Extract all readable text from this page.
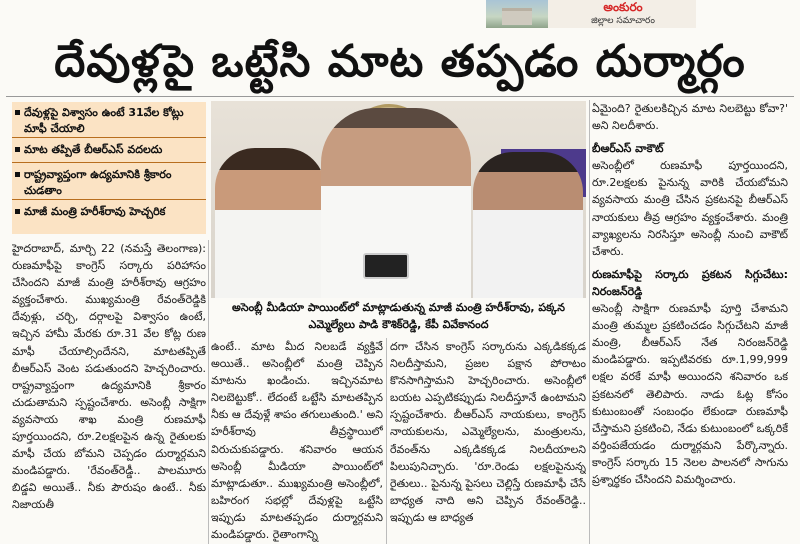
అంకురం
జిల్లాల సమాచారం
దేవుళ్లపై ఒట్టేసి మాట తప్పడం దుర్మార్గం
దేవుళ్లపై విశ్వాసం ఉంటే 31వేల కోట్లు మాఫీ చేయాలి
మాట తప్పితే బీఆర్ఎస్ వదలదు
రాష్ట్రవ్యాప్తంగా ఉద్యమానికి శ్రీకారం చుడతాం
మాజీ మంత్రి హరీశ్‌రావు హెచ్చరిక
అసెంబ్లీ మీడియా పాయింట్‌లో మాట్లాడుతున్న మాజీ మంత్రి హరీశ్‌రావు, పక్కన ఎమ్మెల్యేలు పాడి కౌశిక్‌రెడ్డి, కేపీ వివేకానంద

హైదరాబాద్, మార్చి 22 (నమస్తే తెలంగాణ): రుణమాఫీపై కాంగ్రెస్ సర్కారు పరిహాసం చేసిందని మాజీ మంత్రి హరీశ్‌రావు ఆగ్రహం వ్యక్తంచేశారు. ముఖ్యమంత్రి రేవంత్‌రెడ్డికి దేవుళ్లు, చర్చి, దర్గాలపై విశ్వాసం ఉంటే, ఇచ్చిన హామీ మేరకు రూ.31 వేల కోట్ల రుణ మాఫీ చేయాల్సిందేనని, మాటతప్పితే బీఆర్ఎస్ వెంట పడుతుందని హెచ్చరించారు. రాష్ట్రవ్యాప్తంగా ఉద్యమానికి శ్రీకారం చుడుతామని స్పష్టంచేశారు. అసెంబ్లీ సాక్షిగా వ్యవసాయ శాఖ మంత్రి రుణమాఫీ పూర్తయిందని, రూ.2లక్షలపైన ఉన్న రైతులకు మాఫీ చేయ బోమని చెప్పడం దుర్మార్గమని మండిపడ్డారు. 'రేవంత్‌రెడ్డీ.. పాలమూరు బిడ్డవి అయితే.. నీకు పౌరుషం ఉంటే.. నీకు నిజాయతీ

ఉంటే.. మాట మీద నిలబడే వ్యక్తివే అయితే.. అసెంబ్లీలో మంత్రి చెప్పిన మాటను ఖండించు. ఇచ్చినమాట నిలబెట్టుకో.. లేదంటే ఒట్టేసి మాటతప్పిన నీకు ఆ దేవుళ్లే శాపం తగులుతుంది.' అని హరీశ్‌రావు తీవ్రస్థాయిలో విరుచుకుపడ్డారు. శనివారం ఆయన అసెంబ్లీ మీడియా పాయింట్‌లో మాట్లాడుతూ.. ముఖ్యమంత్రి అసెంబ్లీలో, బహిరంగ సభల్లో దేవుళ్లపై ఒట్టేసి ఇప్పుడు మాటతప్పడం దుర్మార్గమని మండిపడ్డారు. రైతాంగాన్ని

దగా చేసిన కాంగ్రెస్ సర్కారును ఎక్కడికక్కడ నిలదీస్తామని, ప్రజల పక్షాన పోరాటం కొనసాగిస్తామని హెచ్చరించారు. అసెంబ్లీలో బయట ఎప్పటికప్పుడు నిలదీస్తూనే ఉంటామని స్పష్టంచేశారు. బీఆర్ఎస్ నాయకులు, కాంగ్రెస్ నాయకులను, ఎమ్మెల్యేలను, మంత్రులను, రేవంత్‌ను ఎక్కడికక్కడ నిలదీయాలని పిలుపునిచ్చారు. 'రూ.రెండు లక్షలపైనున్న రైతులు.. పైనున్న పైసలు చెల్లిస్తే రుణమాఫీ చేసే బాధ్యత నాది అని చెప్పిన రేవంత్‌రెడ్డి.. ఇప్పుడు ఆ బాధ్యత

ఏమైంది? రైతులకిచ్చిన మాట నిలబెట్టు కోవా?' అని నిలదీశారు.

బీఆర్ఎస్ వాకౌట్

అసెంబ్లీలో రుణమాఫీ పూర్తయిందని, రూ.2లక్షలకు పైనున్న వారికి చేయబోమని వ్యవసాయ మంత్రి చేసిన ప్రకటనపై బీఆర్ఎస్ నాయకులు తీవ్ర ఆగ్రహం వ్యక్తంచేశారు. మంత్రి వ్యాఖ్యలను నిరసిస్తూ అసెంబ్లీ నుంచి వాకౌట్ చేశారు.

రుణమాఫీపై సర్కారు ప్రకటన సిగ్గుచేటు: నిరంజన్‌రెడ్డి

అసెంబ్లీ సాక్షిగా రుణమాఫీ పూర్తి చేశామని మంత్రి తుమ్మల ప్రకటించడం సిగ్గుచేటని మాజీ మంత్రి, బీఆర్ఎస్ నేత నిరంజన్‌రెడ్డి మండిపడ్డారు. ఇప్పటివరకు రూ.1,99,999 లక్షల వరకే మాఫీ అయిందని శనివారం ఒక ప్రకటనలో తెలిపారు. నాడు ఓట్ల కోసం కుటుంబంతో సంబంధం లేకుండా రుణమాఫీ చేస్తామని ప్రకటించి, నేడు కుటుంబంలో ఒక్కరికే వర్తింపజేయడం దుర్మార్గమని పేర్కొన్నారు. కాంగ్రెస్ సర్కారు 15 నెలల పాలనలో సాగును ప్రశ్నార్థకం చేసిందని విమర్శించారు.
